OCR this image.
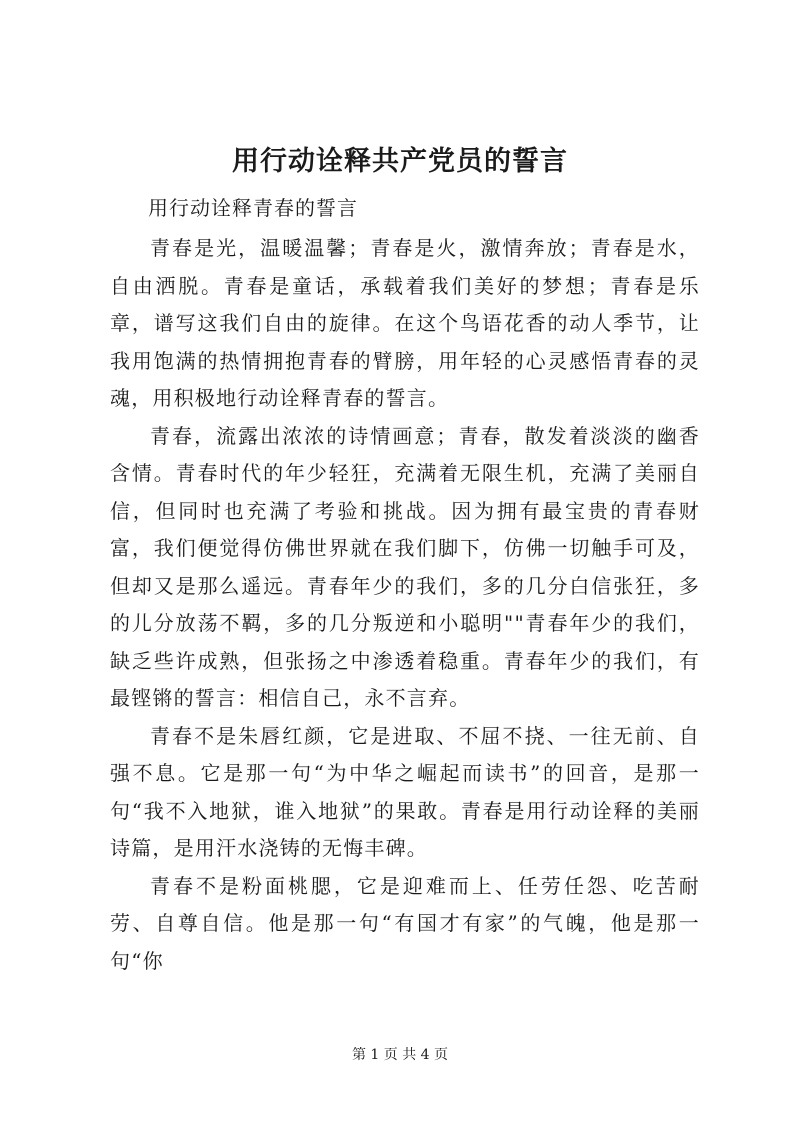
用行动诠释共产党员的誓言
用行动诠释青春的誓言

青春是光，温暖温馨；青春是火，激情奔放；青春是水，自由洒脱。青春是童话，承载着我们美好的梦想；青春是乐章，谱写这我们自由的旋律。在这个鸟语花香的动人季节，让我用饱满的热情拥抱青春的臂膀，用年轻的心灵感悟青春的灵魂，用积极地行动诠释青春的誓言。

青春，流露出浓浓的诗情画意；青春，散发着淡淡的幽香含情。青春时代的年少轻狂，充满着无限生机，充满了美丽自信，但同时也充满了考验和挑战。因为拥有最宝贵的青春财富，我们便觉得仿佛世界就在我们脚下，仿佛一切触手可及，但却又是那么遥远。青春年少的我们，多的几分白信张狂，多的儿分放荡不羁，多的几分叛逆和小聪明""青春年少的我们，缺乏些许成熟，但张扬之中渗透着稳重。青春年少的我们，有最铿锵的誓言：相信自己，永不言弃。

青春不是朱唇红颜，它是进取、不屈不挠、一往无前、自强不息。它是那一句“为中华之崛起而读书”的回音，是那一句“我不入地狱，谁入地狱”的果敢。青春是用行动诠释的美丽诗篇，是用汗水浇铸的无悔丰碑。

青春不是粉面桃腮，它是迎难而上、任劳任怨、吃苦耐劳、自尊自信。他是那一句“有国才有家”的气魄，他是那一句“你

第 1 页 共 4 页
